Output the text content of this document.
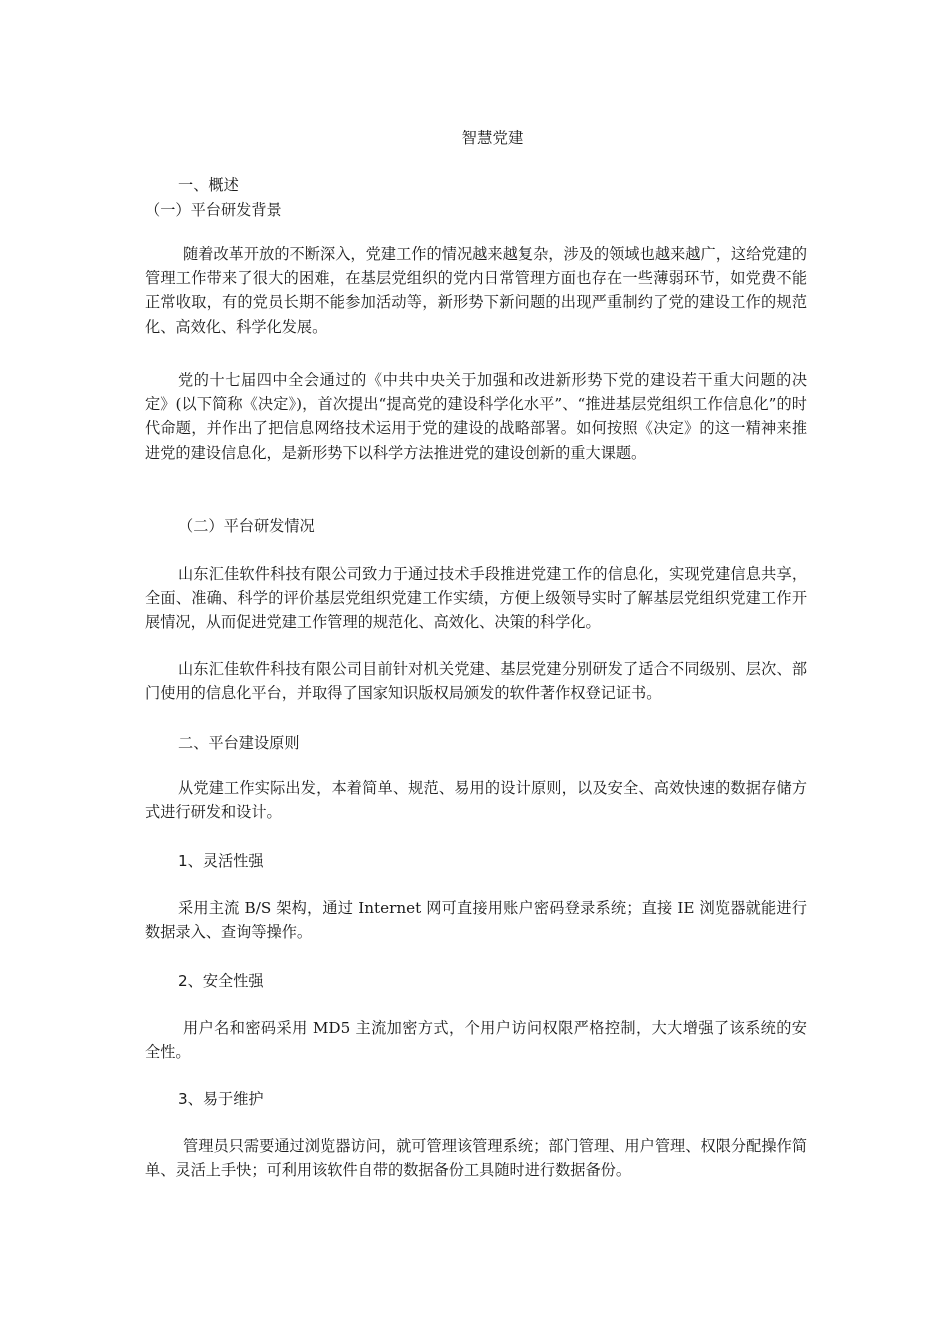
智慧党建
一、概述
（一）平台研发背景
随着改革开放的不断深入，党建工作的情况越来越复杂，涉及的领域也越来越广，这给党建的管理工作带来了很大的困难，在基层党组织的党内日常管理方面也存在一些薄弱环节，如党费不能正常收取，有的党员长期不能参加活动等，新形势下新问题的出现严重制约了党的建设工作的规范化、高效化、科学化发展。
党的十七届四中全会通过的《中共中央关于加强和改进新形势下党的建设若干重大问题的决定》(以下简称《决定》)，首次提出“提高党的建设科学化水平”、“推进基层党组织工作信息化”的时代命题，并作出了把信息网络技术运用于党的建设的战略部署。如何按照《决定》的这一精神来推进党的建设信息化，是新形势下以科学方法推进党的建设创新的重大课题。
（二）平台研发情况
山东汇佳软件科技有限公司致力于通过技术手段推进党建工作的信息化，实现党建信息共享，全面、准确、科学的评价基层党组织党建工作实绩，方便上级领导实时了解基层党组织党建工作开展情况，从而促进党建工作管理的规范化、高效化、决策的科学化。
山东汇佳软件科技有限公司目前针对机关党建、基层党建分别研发了适合不同级别、层次、部门使用的信息化平台，并取得了国家知识版权局颁发的软件著作权登记证书。
二、平台建设原则
从党建工作实际出发，本着简单、规范、易用的设计原则，以及安全、高效快速的数据存储方式进行研发和设计。
1、灵活性强
采用主流 B/S 架构，通过 Internet 网可直接用账户密码登录系统；直接 IE 浏览器就能进行数据录入、查询等操作。
2、安全性强
用户名和密码采用 MD5 主流加密方式，个用户访问权限严格控制，大大增强了该系统的安全性。
3、易于维护
管理员只需要通过浏览器访问，就可管理该管理系统；部门管理、用户管理、权限分配操作简单、灵活上手快；可利用该软件自带的数据备份工具随时进行数据备份。
